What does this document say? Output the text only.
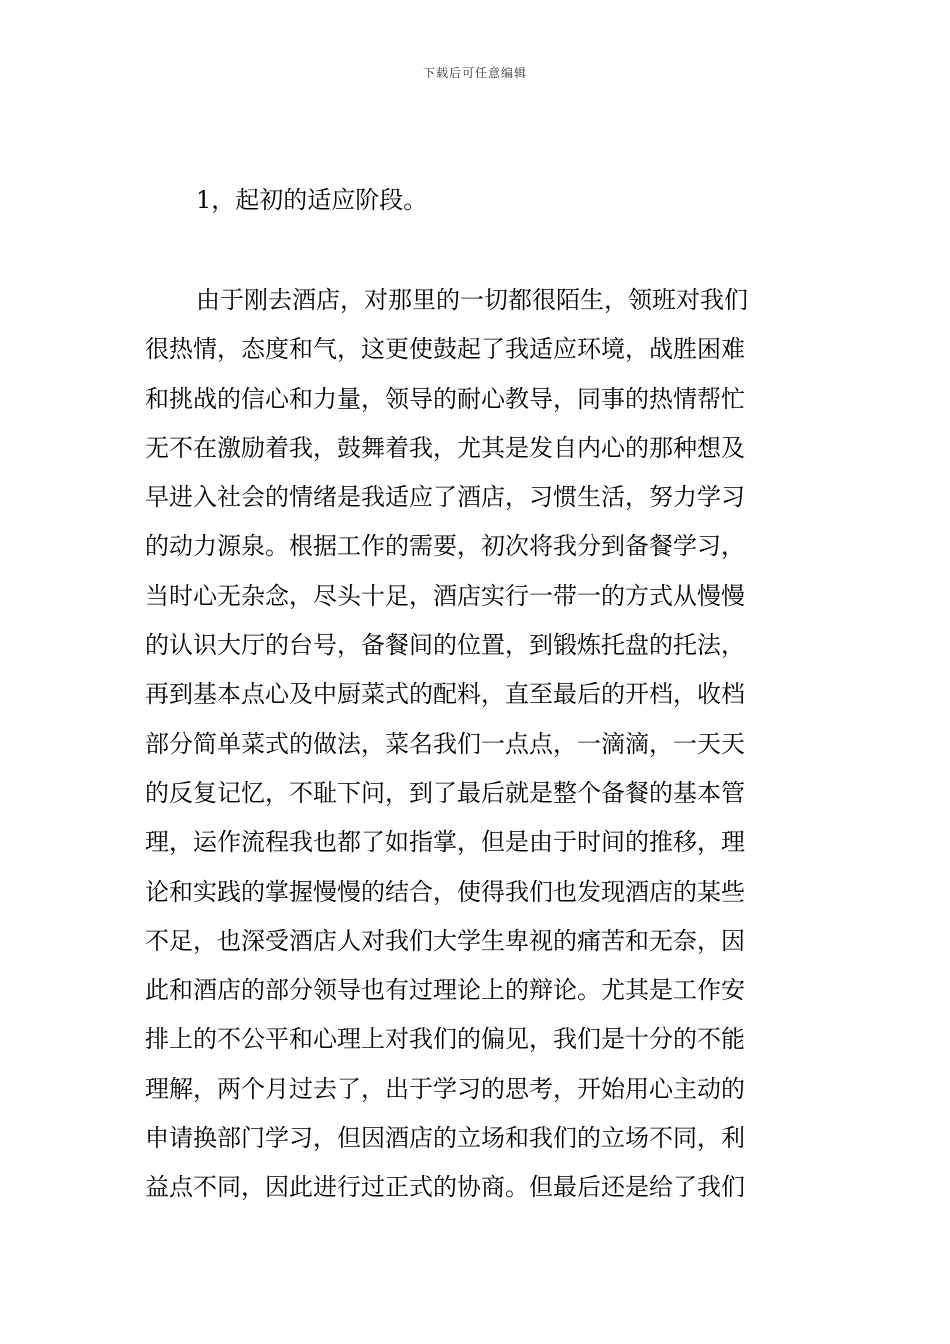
下载后可任意编辑
1，起初的适应阶段。
由于刚去酒店，对那里的一切都很陌生，领班对我们
很热情，态度和气，这更使鼓起了我适应环境，战胜困难
和挑战的信心和力量，领导的耐心教导，同事的热情帮忙
无不在激励着我，鼓舞着我，尤其是发自内心的那种想及
早进入社会的情绪是我适应了酒店，习惯生活，努力学习
的动力源泉。根据工作的需要，初次将我分到备餐学习，
当时心无杂念，尽头十足，酒店实行一带一的方式从慢慢
的认识大厅的台号，备餐间的位置，到锻炼托盘的托法，
再到基本点心及中厨菜式的配料，直至最后的开档，收档
部分简单菜式的做法，菜名我们一点点，一滴滴，一天天
的反复记忆，不耻下问，到了最后就是整个备餐的基本管
理，运作流程我也都了如指掌，但是由于时间的推移，理
论和实践的掌握慢慢的结合，使得我们也发现酒店的某些
不足，也深受酒店人对我们大学生卑视的痛苦和无奈，因
此和酒店的部分领导也有过理论上的辩论。尤其是工作安
排上的不公平和心理上对我们的偏见，我们是十分的不能
理解，两个月过去了，出于学习的思考，开始用心主动的
申请换部门学习，但因酒店的立场和我们的立场不同，利
益点不同，因此进行过正式的协商。但最后还是给了我们
